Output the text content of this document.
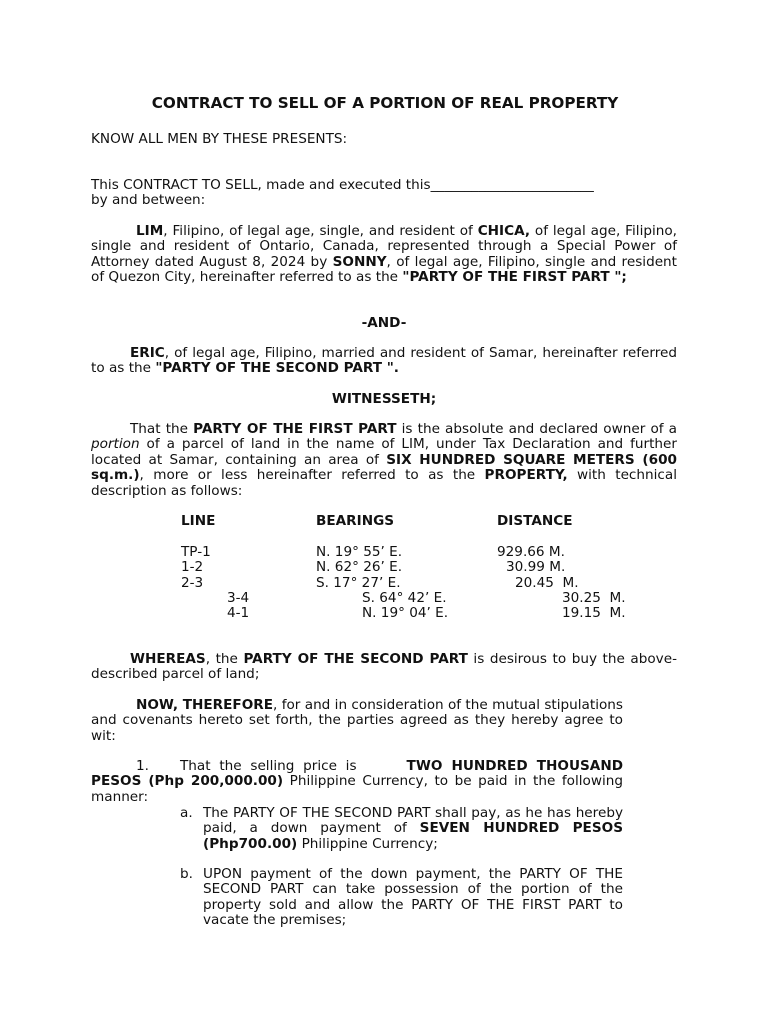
CONTRACT TO SELL OF A PORTION OF REAL PROPERTY
KNOW ALL MEN BY THESE PRESENTS:
This CONTRACT TO SELL, made and executed this________________________
by and between:
LIM, Filipino, of legal age, single, and resident of CHICA, of legal age, Filipino, single and resident of Ontario, Canada, represented through a Special Power of Attorney dated August 8, 2024 by SONNY, of legal age, Filipino, single and resident of Quezon City, hereinafter referred to as the "PARTY OF THE FIRST PART ";
-AND-
ERIC, of legal age, Filipino, married and resident of Samar, hereinafter referred to as the "PARTY OF THE SECOND PART ".
WITNESSETH;
That the PARTY OF THE FIRST PART is the absolute and declared owner of a portion of a parcel of land in the name of LIM, under Tax Declaration and further located at Samar, containing an area of SIX HUNDRED SQUARE METERS (600 sq.m.), more or less hereinafter referred to as the PROPERTY, with technical description as follows:
LINE	BEARINGS	DISTANCE
TP-1	N. 19° 55’ E.	929.66 M.
1-2	N. 62° 26’ E.	30.99 M.
2-3	S. 17° 27’ E.	20.45  M.
3-4	S. 64° 42’ E.	30.25  M.
4-1	N. 19° 04’ E.	19.15  M.
WHEREAS, the PARTY OF THE SECOND PART is desirous to buy the above-described parcel of land;
NOW, THEREFORE, for and in consideration of the mutual stipulations and covenants hereto set forth, the parties agreed as they hereby agree to wit:
1.	That the selling price is	TWO HUNDRED THOUSAND PESOS (Php 200,000.00) Philippine Currency, to be paid in the following manner:
a. The PARTY OF THE SECOND PART shall pay, as he has hereby paid, a down payment of SEVEN HUNDRED PESOS (Php700.00) Philippine Currency;
b. UPON payment of the down payment, the PARTY OF THE SECOND PART can take possession of the portion of the property sold and allow the PARTY OF THE FIRST PART to vacate the premises;
